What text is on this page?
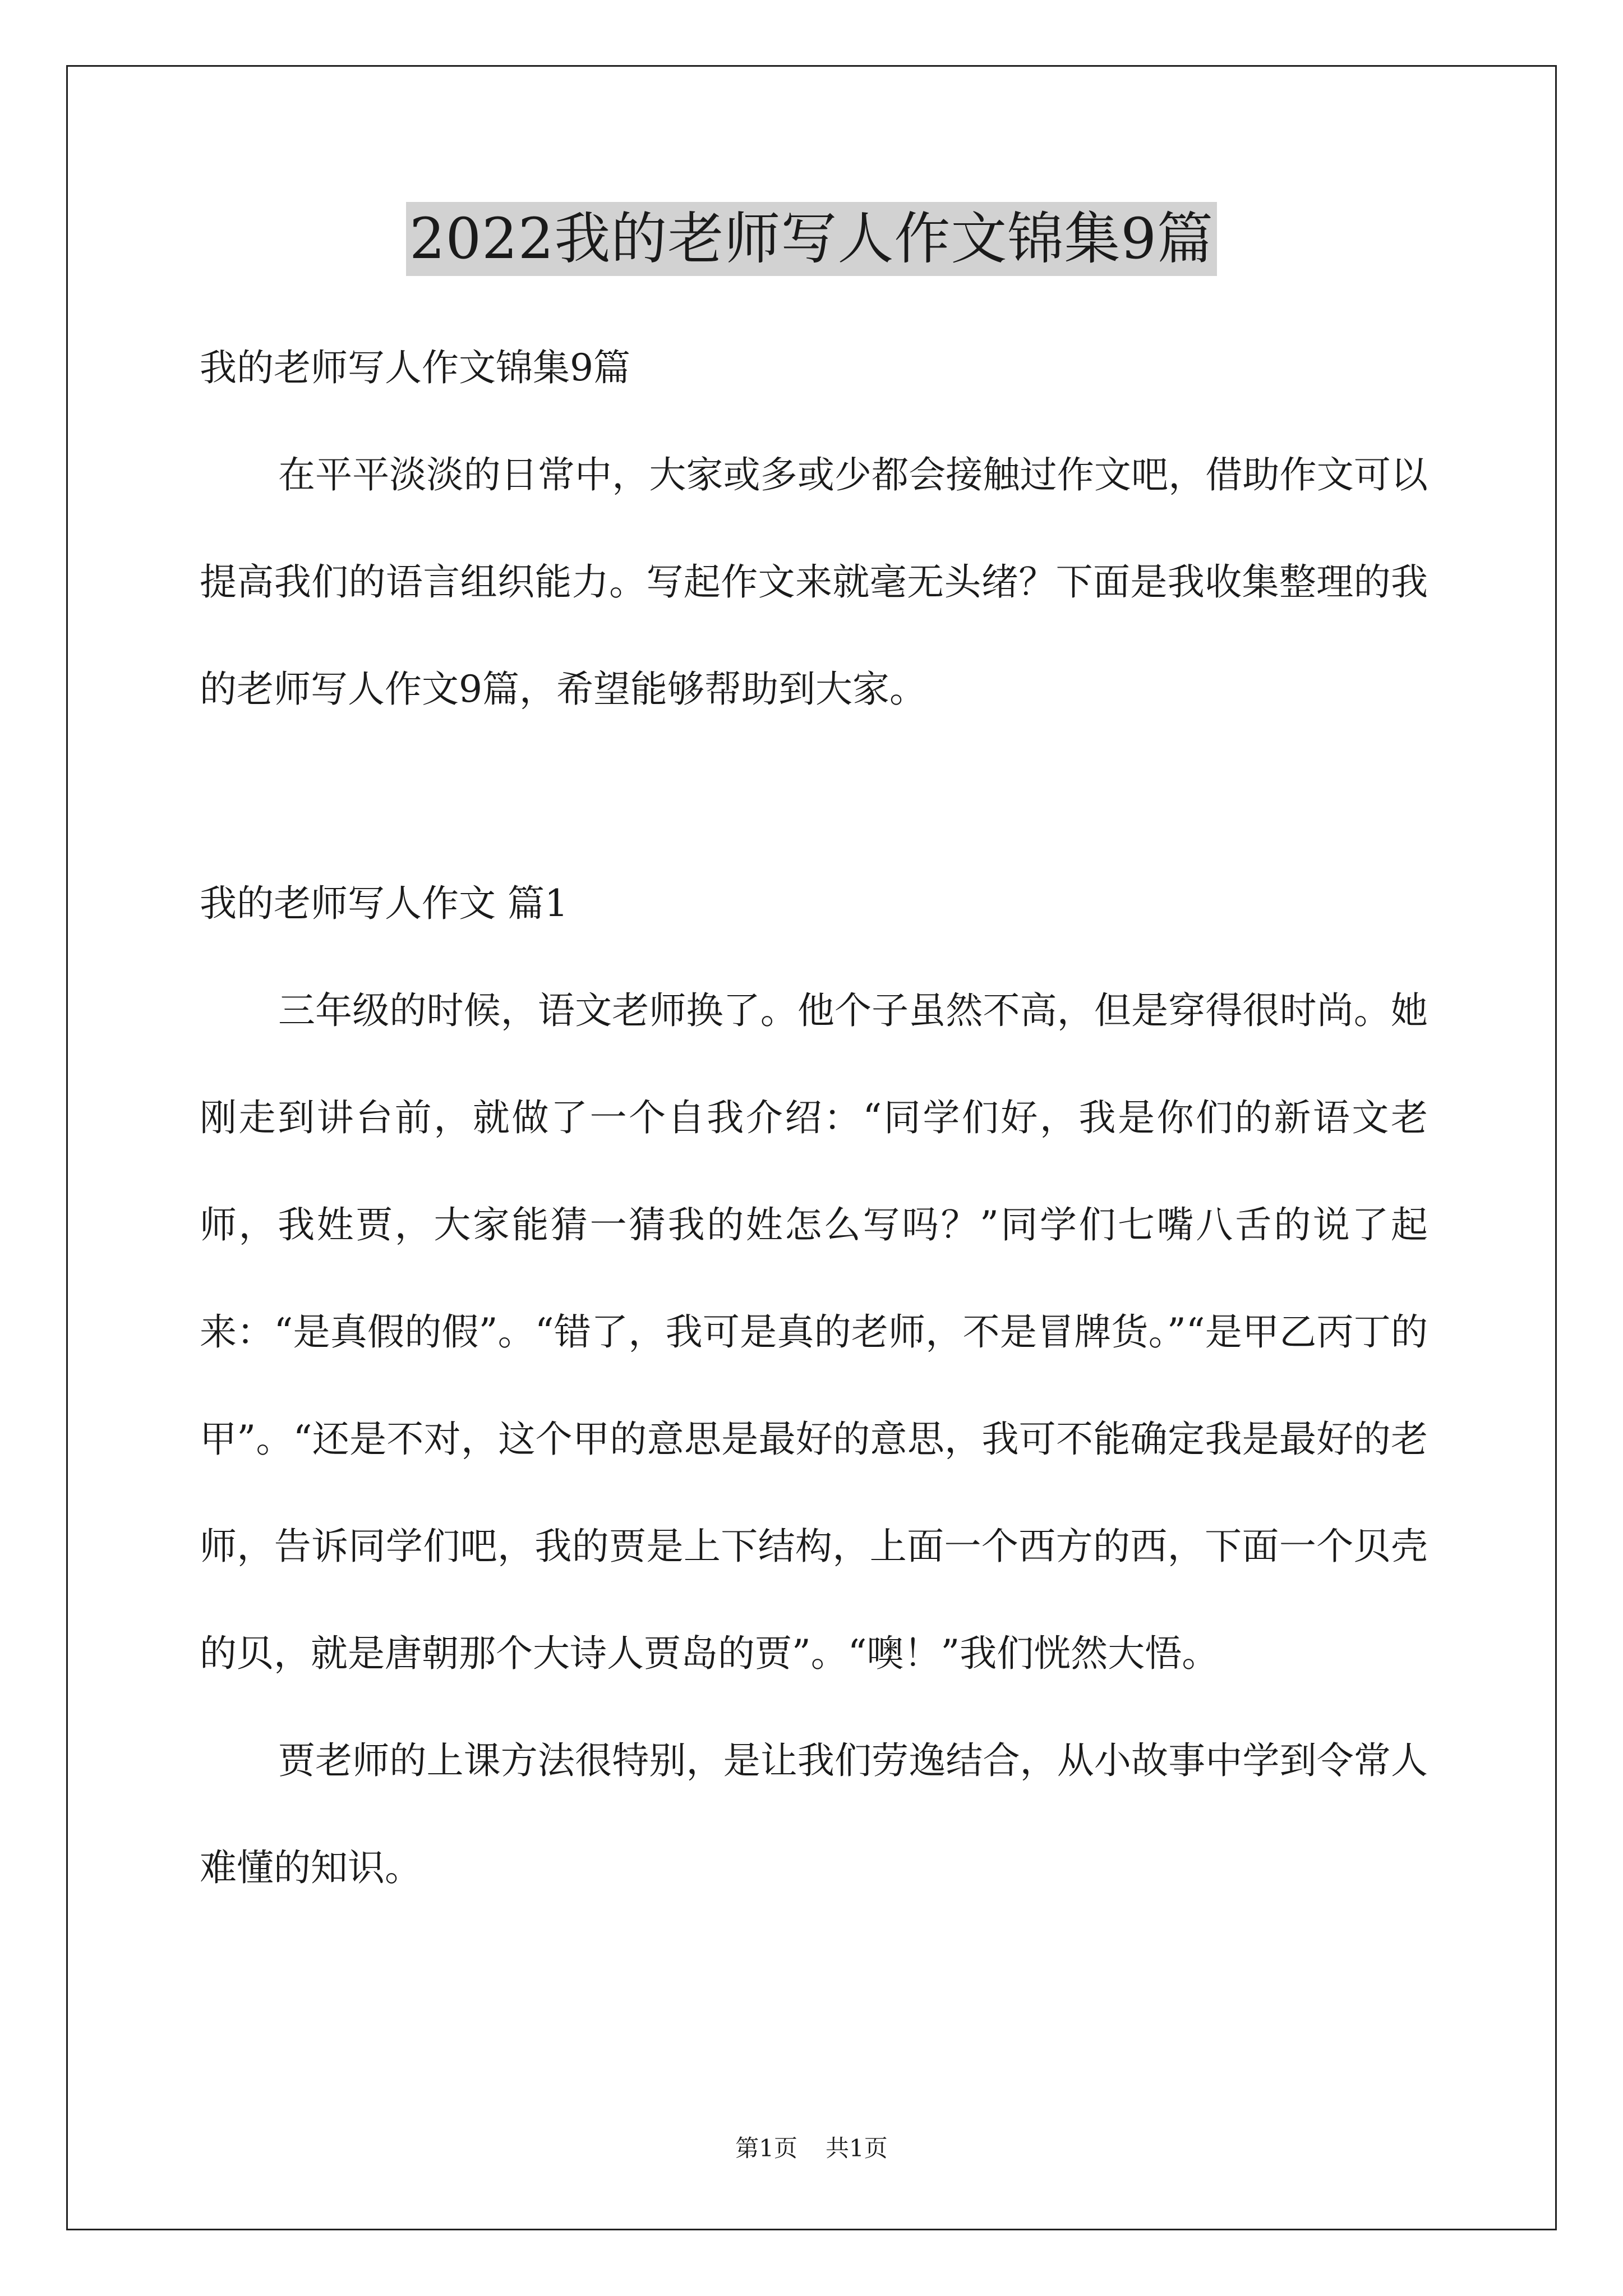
2022我的老师写人作文锦集9篇

我的老师写人作文锦集9篇

在平平淡淡的日常中，大家或多或少都会接触过作文吧，借助作文可以提高我们的语言组织能力。写起作文来就毫无头绪？下面是我收集整理的我的老师写人作文9篇，希望能够帮助到大家。

我的老师写人作文 篇1

三年级的时候，语文老师换了。他个子虽然不高，但是穿得很时尚。她刚走到讲台前，就做了一个自我介绍：“同学们好，我是你们的新语文老师，我姓贾，大家能猜一猜我的姓怎么写吗？”同学们七嘴八舌的说了起来：“是真假的假”。“错了，我可是真的老师，不是冒牌货。”“是甲乙丙丁的甲”。“还是不对，这个甲的意思是最好的意思，我可不能确定我是最好的老师，告诉同学们吧，我的贾是上下结构，上面一个西方的西，下面一个贝壳的贝，就是唐朝那个大诗人贾岛的贾”。“噢！”我们恍然大悟。

贾老师的上课方法很特别，是让我们劳逸结合，从小故事中学到令常人难懂的知识。

第1页 共1页
